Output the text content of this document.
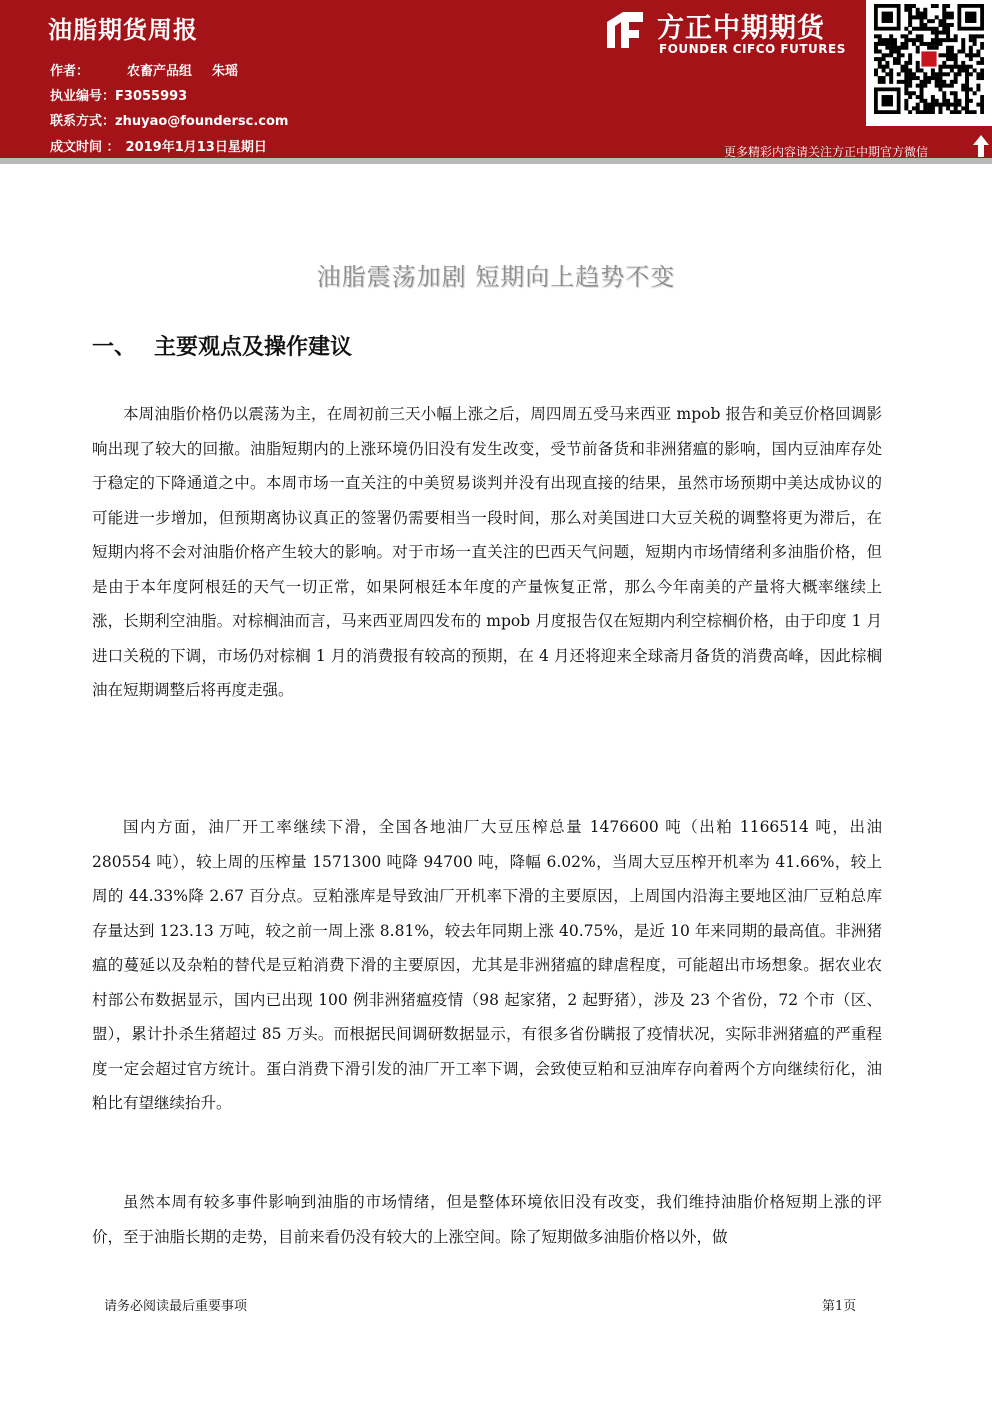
油脂期货周报
作者：	农畜产品组 朱瑶
执业编号：F3055993
联系方式：zhuyao@foundersc.com
成文时间 ： 2019年1月13日星期日
方正中期期货
FOUNDER CIFCO FUTURES
更多精彩内容请关注方正中期官方微信
油脂震荡加剧 短期向上趋势不变
一、 主要观点及操作建议

本周油脂价格仍以震荡为主，在周初前三天小幅上涨之后，周四周五受马来西亚 mpob 报告和美豆价格回调影响出现了较大的回撤。油脂短期内的上涨环境仍旧没有发生改变，受节前备货和非洲猪瘟的影响，国内豆油库存处于稳定的下降通道之中。本周市场一直关注的中美贸易谈判并没有出现直接的结果，虽然市场预期中美达成协议的可能进一步增加，但预期离协议真正的签署仍需要相当一段时间，那么对美国进口大豆关税的调整将更为滞后，在短期内将不会对油脂价格产生较大的影响。对于市场一直关注的巴西天气问题，短期内市场情绪利多油脂价格，但是由于本年度阿根廷的天气一切正常，如果阿根廷本年度的产量恢复正常，那么今年南美的产量将大概率继续上涨，长期利空油脂。对棕榈油而言，马来西亚周四发布的 mpob 月度报告仅在短期内利空棕榈价格，由于印度 1 月进口关税的下调，市场仍对棕榈 1 月的消费报有较高的预期，在 4 月还将迎来全球斋月备货的消费高峰，因此棕榈油在短期调整后将再度走强。

国内方面，油厂开工率继续下滑，全国各地油厂大豆压榨总量 1476600 吨（出粕 1166514 吨，出油 280554 吨），较上周的压榨量 1571300 吨降 94700 吨，降幅 6.02%，当周大豆压榨开机率为 41.66%，较上周的 44.33%降 2.67 百分点。豆粕涨库是导致油厂开机率下滑的主要原因，上周国内沿海主要地区油厂豆粕总库存量达到 123.13 万吨，较之前一周上涨 8.81%，较去年同期上涨 40.75%，是近 10 年来同期的最高值。非洲猪瘟的蔓延以及杂粕的替代是豆粕消费下滑的主要原因，尤其是非洲猪瘟的肆虐程度，可能超出市场想象。据农业农村部公布数据显示，国内已出现 100 例非洲猪瘟疫情（98 起家猪，2 起野猪），涉及 23 个省份，72 个市（区、盟），累计扑杀生猪超过 85 万头。而根据民间调研数据显示，有很多省份瞒报了疫情状况，实际非洲猪瘟的严重程度一定会超过官方统计。蛋白消费下滑引发的油厂开工率下调，会致使豆粕和豆油库存向着两个方向继续衍化，油粕比有望继续抬升。

虽然本周有较多事件影响到油脂的市场情绪，但是整体环境依旧没有改变，我们维持油脂价格短期上涨的评价，至于油脂长期的走势，目前来看仍没有较大的上涨空间。除了短期做多油脂价格以外，做

请务必阅读最后重要事项	第1页
